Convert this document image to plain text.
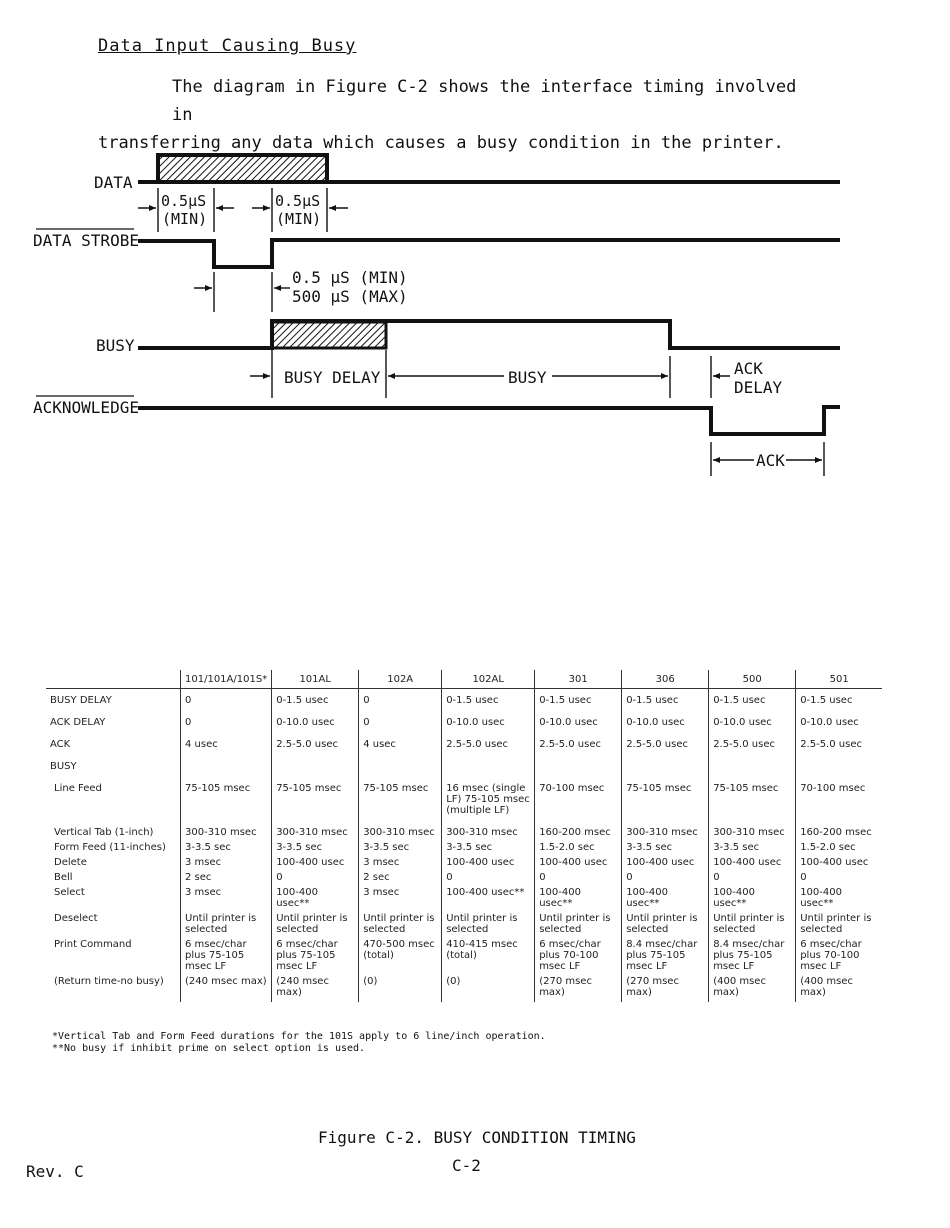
Data Input Causing Busy
The diagram in Figure C-2 shows the interface timing involved in
transferring any data which causes a busy condition in the printer.
DATA
0.5μS
(MIN)
0.5μS
(MIN)
DATA STROBE
0.5 μS (MIN)
500 μS (MAX)
BUSY
BUSY DELAY	BUSY	ACK
DELAY
ACKNOWLEDGE
ACK
	101/101A/101S*	101AL	102A	102AL	301	306	500	501
BUSY DELAY	0	0-1.5 usec	0	0-1.5 usec	0-1.5 usec	0-1.5 usec	0-1.5 usec	0-1.5 usec
ACK DELAY	0	0-10.0 usec	0	0-10.0 usec	0-10.0 usec	0-10.0 usec	0-10.0 usec	0-10.0 usec
ACK	4 usec	2.5-5.0 usec	4 usec	2.5-5.0 usec	2.5-5.0 usec	2.5-5.0 usec	2.5-5.0 usec	2.5-5.0 usec
BUSY								
Line Feed	75-105 msec	75-105 msec	75-105 msec	16 msec (single LF) 75-105 msec (multiple LF)	70-100 msec	75-105 msec	75-105 msec	70-100 msec
Vertical Tab (1-inch)	300-310 msec	300-310 msec	300-310 msec	300-310 msec	160-200 msec	300-310 msec	300-310 msec	160-200 msec
Form Feed (11-inches)	3-3.5 sec	3-3.5 sec	3-3.5 sec	3-3.5 sec	1.5-2.0 sec	3-3.5 sec	3-3.5 sec	1.5-2.0 sec
Delete	3 msec	100-400 usec	3 msec	100-400 usec	100-400 usec	100-400 usec	100-400 usec	100-400 usec
Bell	2 sec	0	2 sec	0	0	0	0	0
Select	3 msec	100-400 usec**	3 msec	100-400 usec**	100-400 usec**	100-400 usec**	100-400 usec**	100-400 usec**
Deselect	Until printer is selected	Until printer is selected	Until printer is selected	Until printer is selected	Until printer is selected	Until printer is selected	Until printer is selected	Until printer is selected
Print Command	6 msec/char plus 75-105 msec LF	6 msec/char plus 75-105 msec LF	470-500 msec (total)	410-415 msec (total)	6 msec/char plus 70-100 msec LF	8.4 msec/char plus 75-105 msec LF	8.4 msec/char plus 75-105 msec LF	6 msec/char plus 70-100 msec LF
(Return time-no busy)	(240 msec max)	(240 msec max)	(0)	(0)	(270 msec max)	(270 msec max)	(400 msec max)	(400 msec max)
*Vertical Tab and Form Feed durations for the 101S apply to 6 line/inch operation.
**No busy if inhibit prime on select option is used.
Figure C-2. BUSY CONDITION TIMING
C-2
Rev. C
